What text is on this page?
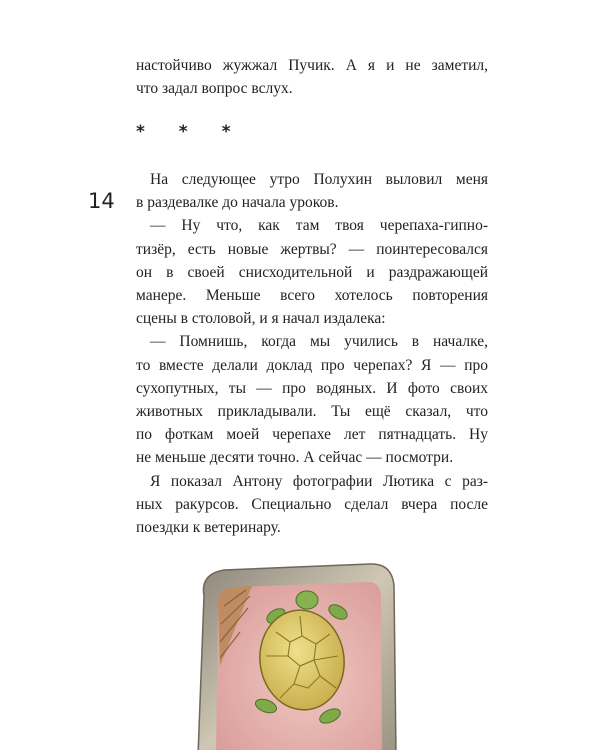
настойчиво жужжал Пучик. А я и не заметил,
что задал вопрос вслух.

* * *
14

На следующее утро Полухин выловил меня
в раздевалке до начала уроков.

— Ну что, как там твоя черепаха-гипно-
тизёр, есть новые жертвы? — поинтересовался
он в своей снисходительной и раздражающей
манере. Меньше всего хотелось повторения
сцены в столовой, и я начал издалека:

— Помнишь, когда мы учились в началке,
то вместе делали доклад про черепах? Я — про
сухопутных, ты — про водяных. И фото своих
животных прикладывали. Ты ещё сказал, что
по фоткам моей черепахе лет пятнадцать. Ну
не меньше десяти точно. А сейчас — посмотри.

Я показал Антону фотографии Лютика с раз-
ных ракурсов. Специально сделал вчера после
поездки к ветеринару.
